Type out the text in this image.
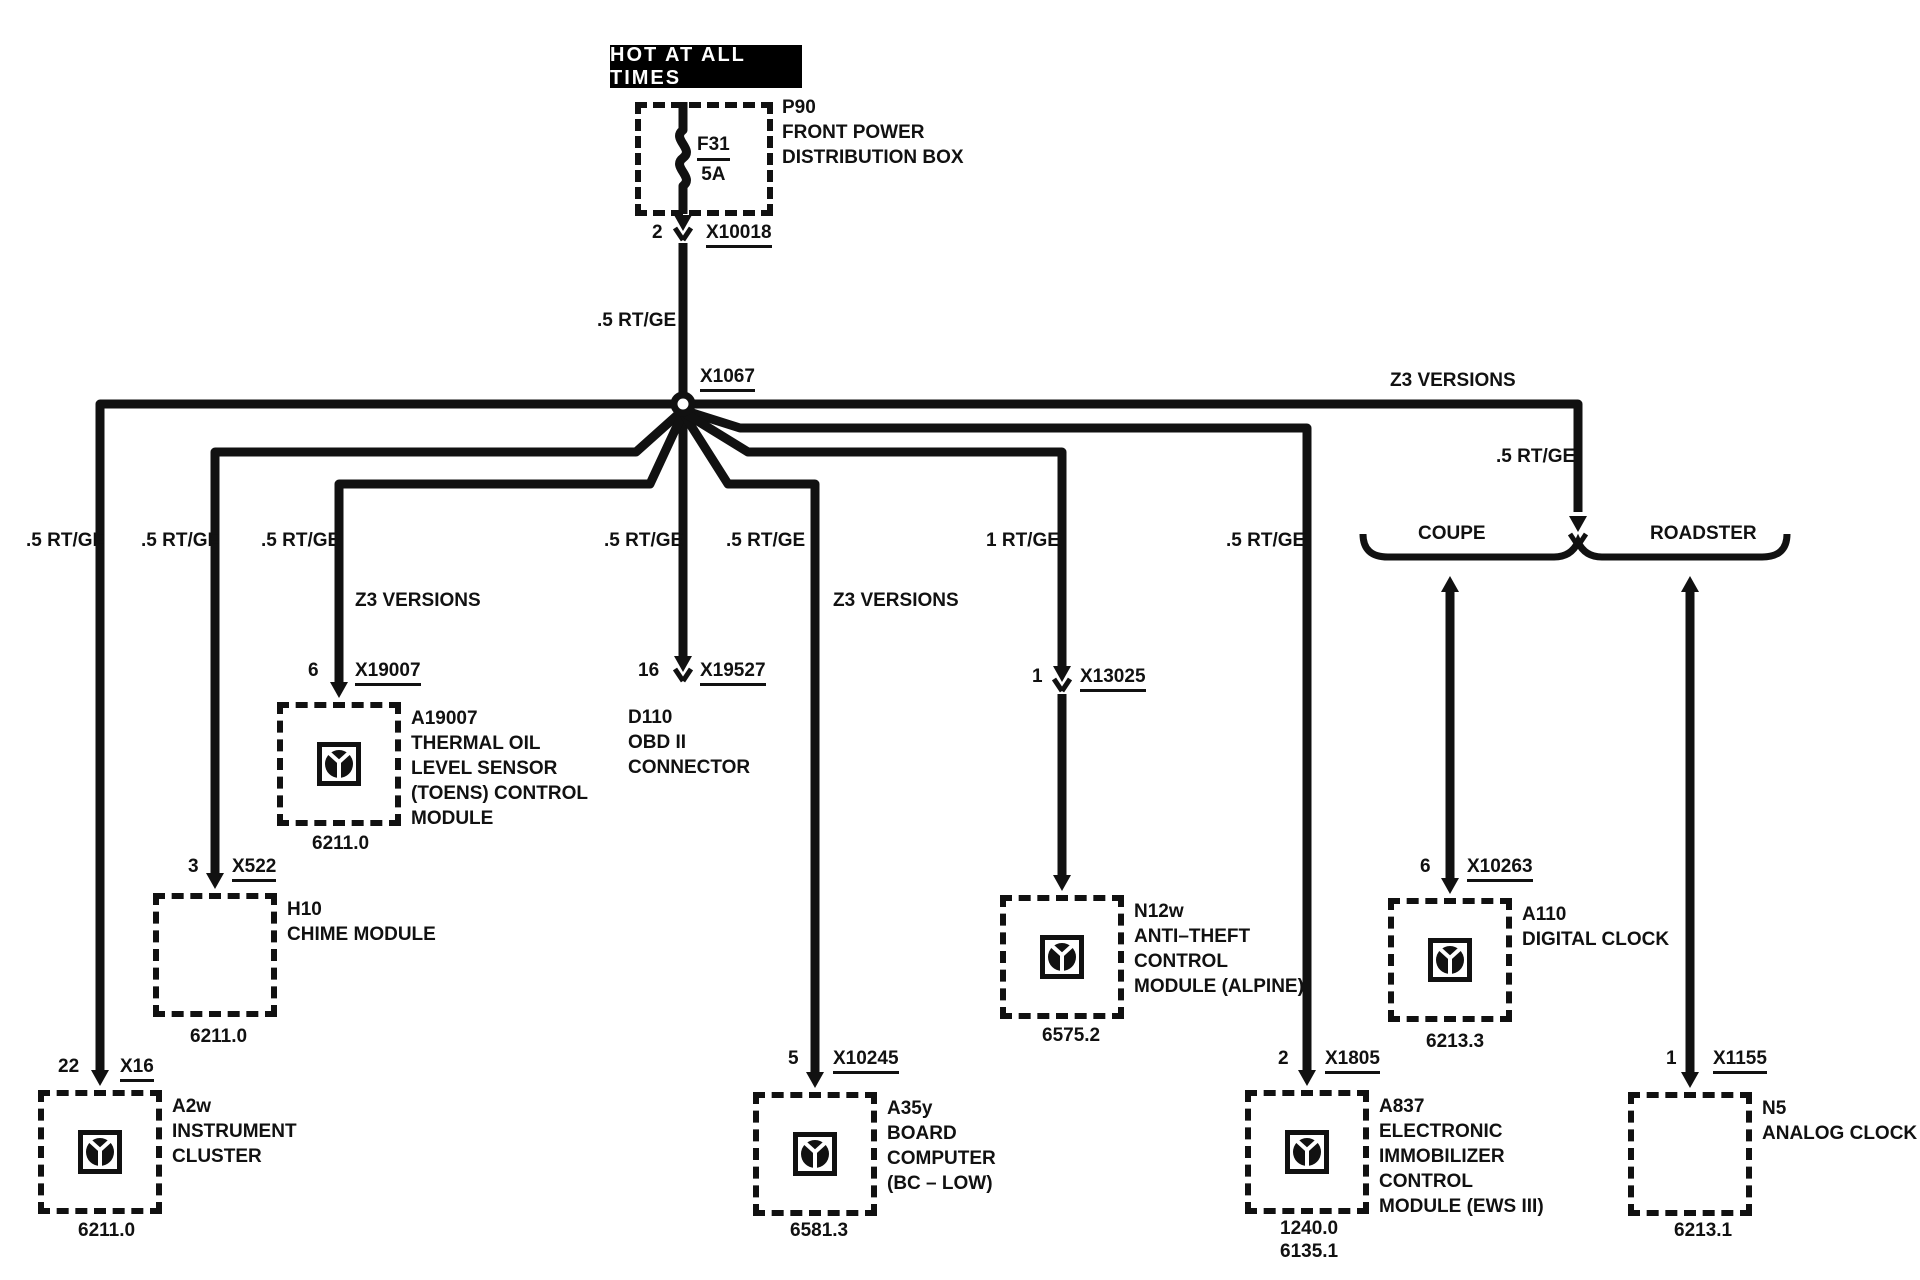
HOT AT ALL TIMES
F31
5A
P90
FRONT POWER
DISTRIBUTION BOX
2 X10018
.5 RT/GE
X1067
.5 RT/GE .5 RT/GE .5 RT/GE	.5 RT/GE .5 RT/GE	1 RT/GE	.5 RT/GE
.5 RT/GE
Z3 VERSIONS	Z3 VERSIONS
Z3 VERSIONS
COUPE	ROADSTER
22 X16
A2w
INSTRUMENT
CLUSTER
6211.0
3 X522
H10
CHIME MODULE
6211.0
6 X19007
A19007
THERMAL OIL
LEVEL SENSOR
(TOENS) CONTROL
MODULE
6211.0
16 X19527
D110
OBD II
CONNECTOR
5 X10245
A35y
BOARD
COMPUTER
(BC – LOW)
6581.3
1 X13025
N12w
ANTI–THEFT
CONTROL
MODULE (ALPINE)
6575.2
2 X1805
A837
ELECTRONIC
IMMOBILIZER
CONTROL
MODULE (EWS III)
1240.0
6135.1
6 X10263
A110
DIGITAL CLOCK
6213.3
1 X1155
N5
ANALOG CLOCK
6213.1
